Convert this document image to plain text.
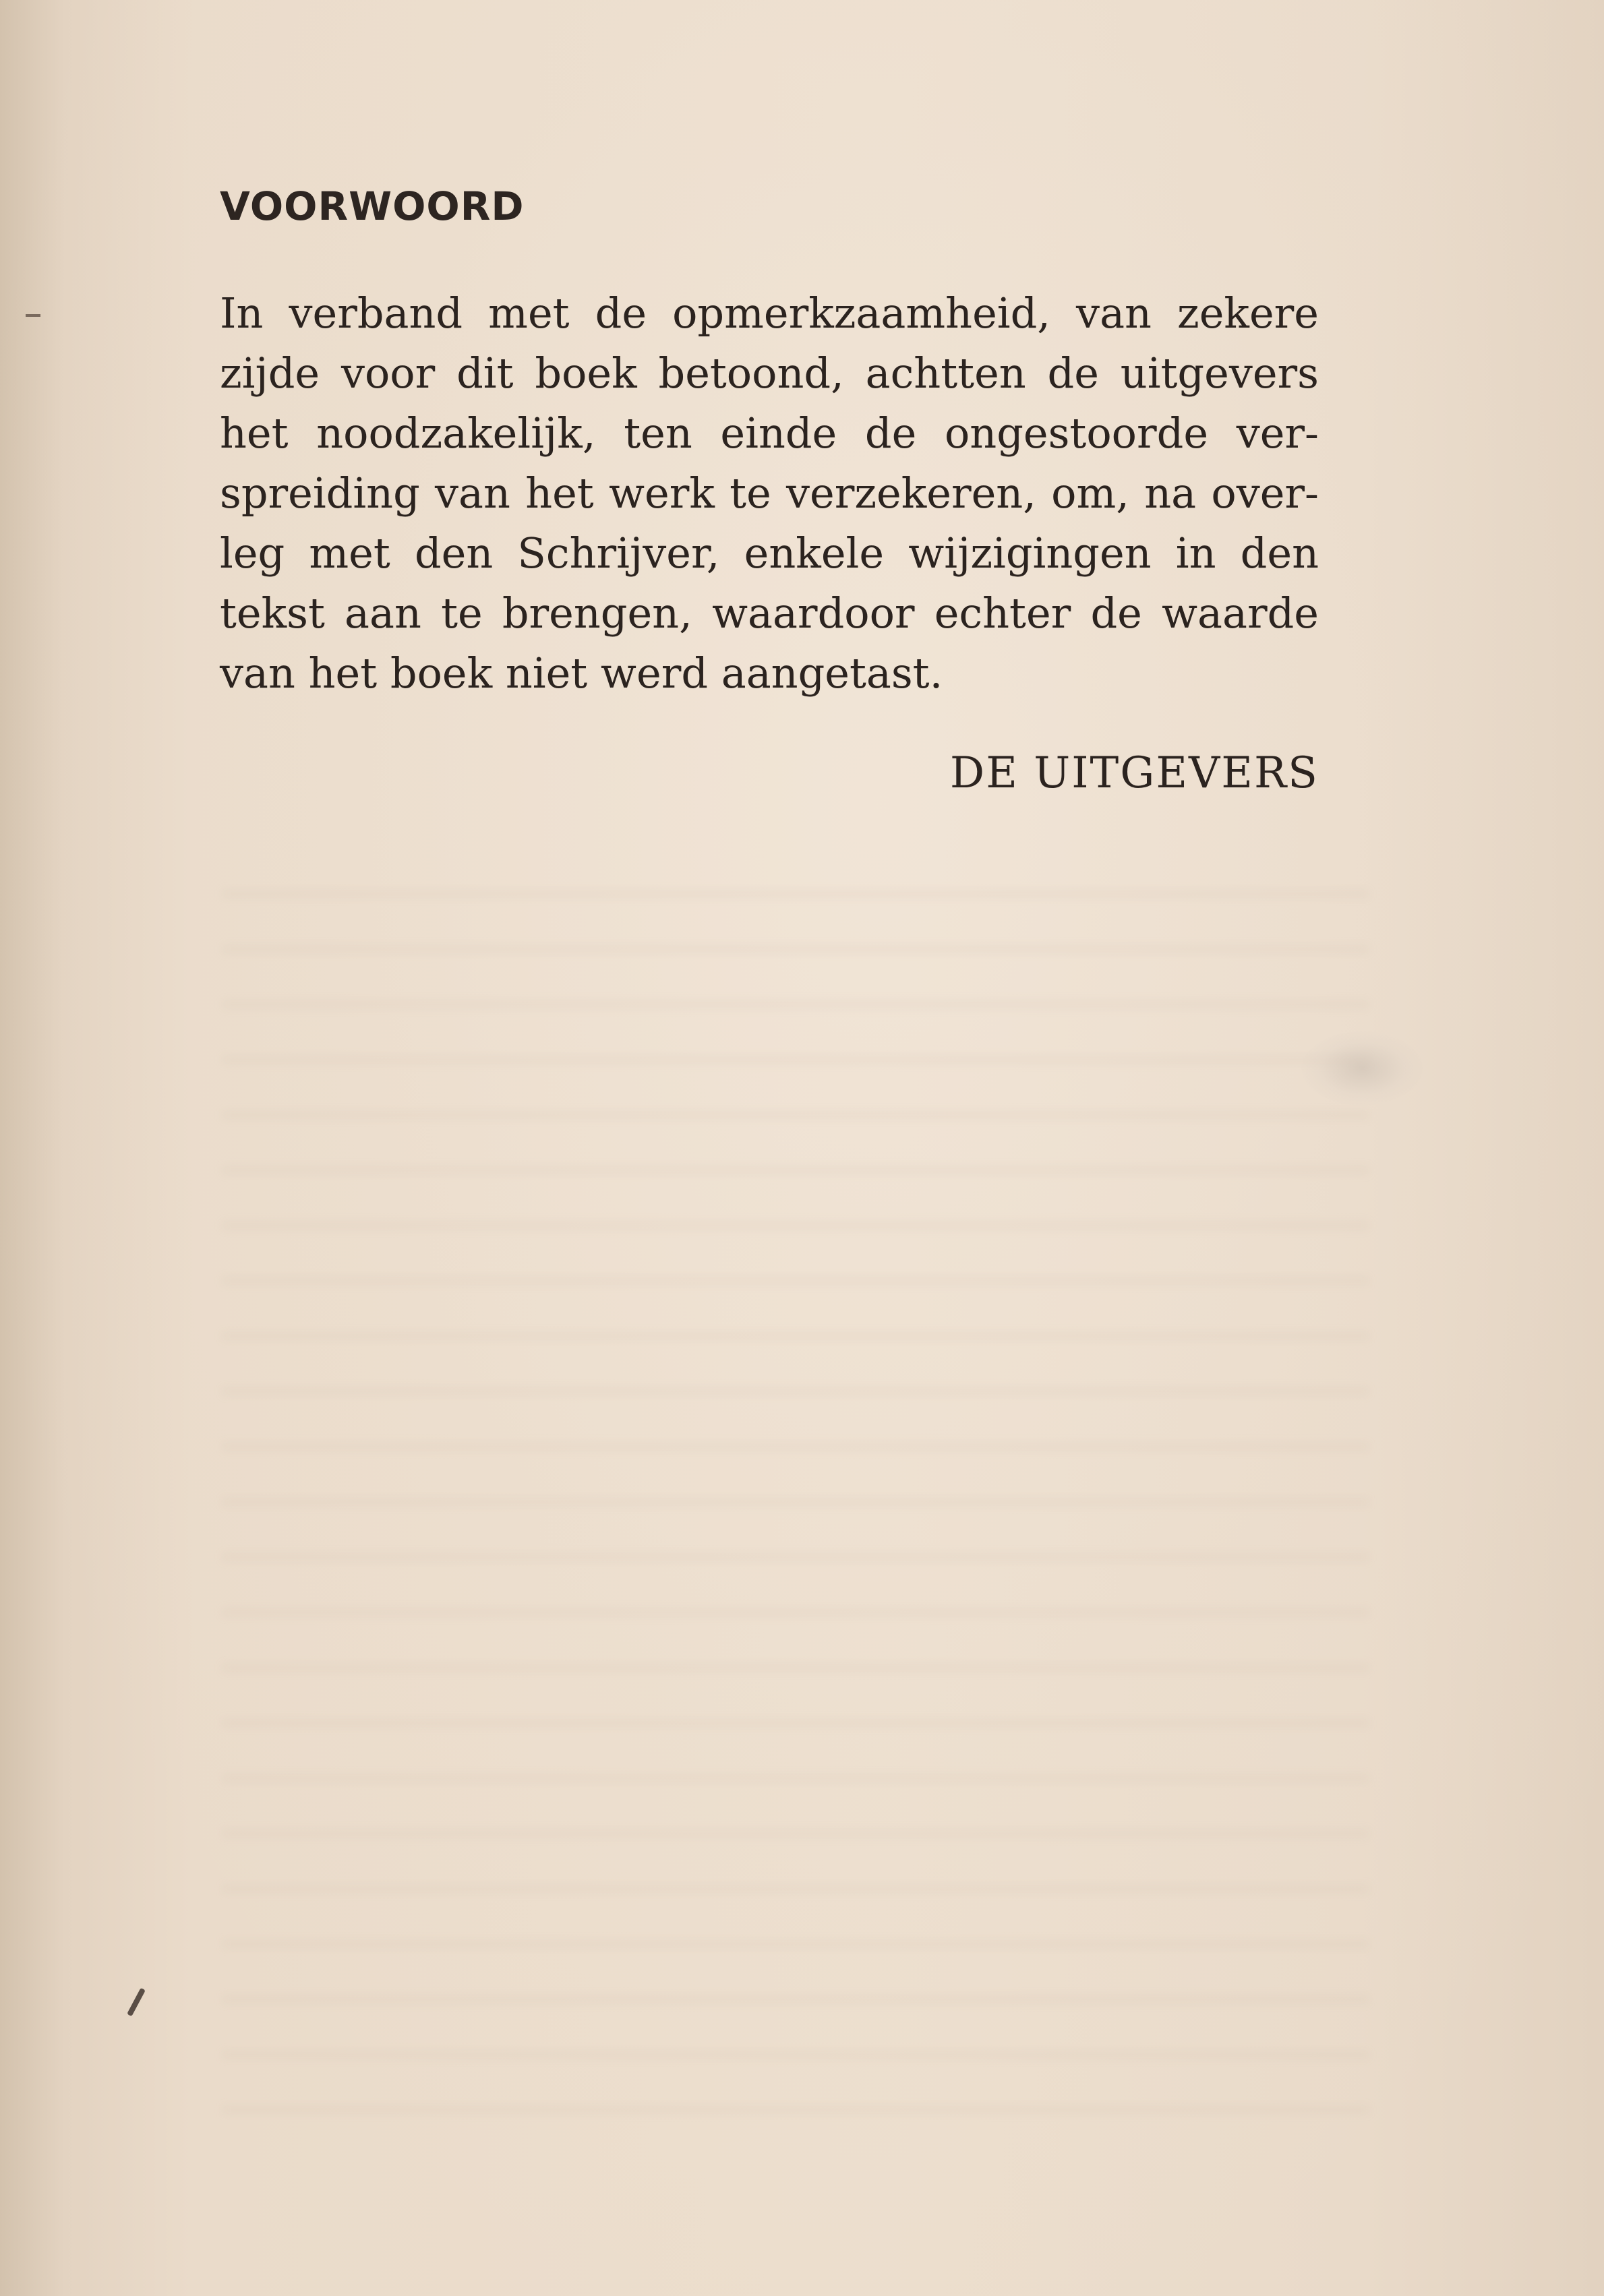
VOORWOORD
In verband met de opmerkzaamheid, van zekere
zijde voor dit boek betoond, achtten de uitgevers
het noodzakelijk, ten einde de ongestoorde ver-
spreiding van het werk te verzekeren, om, na over-
leg met den Schrijver, enkele wijzigingen in den
tekst aan te brengen, waardoor echter de waarde
van het boek niet werd aangetast.

DE UITGEVERS
